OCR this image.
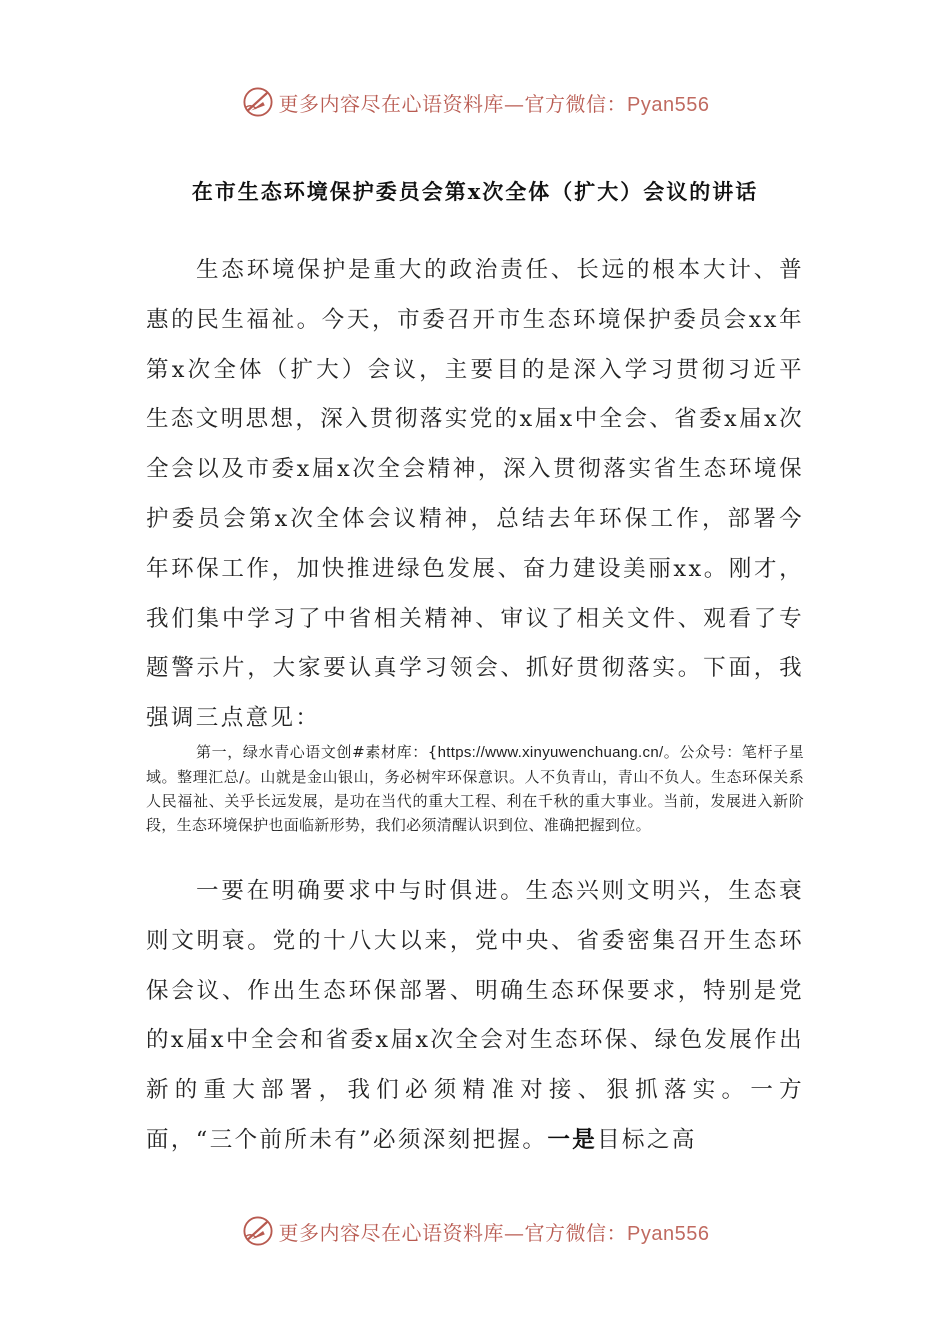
更多内容尽在心语资料库—官方微信：Pyan556
在市生态环境保护委员会第x次全体（扩大）会议的讲话

生态环境保护是重大的政治责任、长远的根本大计、普惠的民生福祉。今天，市委召开市生态环境保护委员会xx年第x次全体（扩大）会议，主要目的是深入学习贯彻习近平生态文明思想，深入贯彻落实党的x届x中全会、省委x届x次全会以及市委x届x次全会精神，深入贯彻落实省生态环境保护委员会第x次全体会议精神，总结去年环保工作，部署今年环保工作，加快推进绿色发展、奋力建设美丽xx。刚才，我们集中学习了中省相关精神、审议了相关文件、观看了专题警示片，大家要认真学习领会、抓好贯彻落实。下面，我强调三点意见：

第一，绿水青心语文创#素材库：{https://www.xinyuwenchuang.cn/。公众号：笔杆子星域。整理汇总/。山就是金山银山，务必树牢环保意识。人不负青山，青山不负人。生态环保关系人民福祉、关乎长远发展，是功在当代的重大工程、利在千秋的重大事业。当前，发展进入新阶段，生态环境保护也面临新形势，我们必须清醒认识到位、准确把握到位。

一要在明确要求中与时俱进。生态兴则文明兴，生态衰则文明衰。党的十八大以来，党中央、省委密集召开生态环保会议、作出生态环保部署、明确生态环保要求，特别是党的x届x中全会和省委x届x次全会对生态环保、绿色发展作出新的重大部署，我们必须精准对接、狠抓落实。一方面，“三个前所未有”必须深刻把握。一是目标之高

更多内容尽在心语资料库—官方微信：Pyan556
